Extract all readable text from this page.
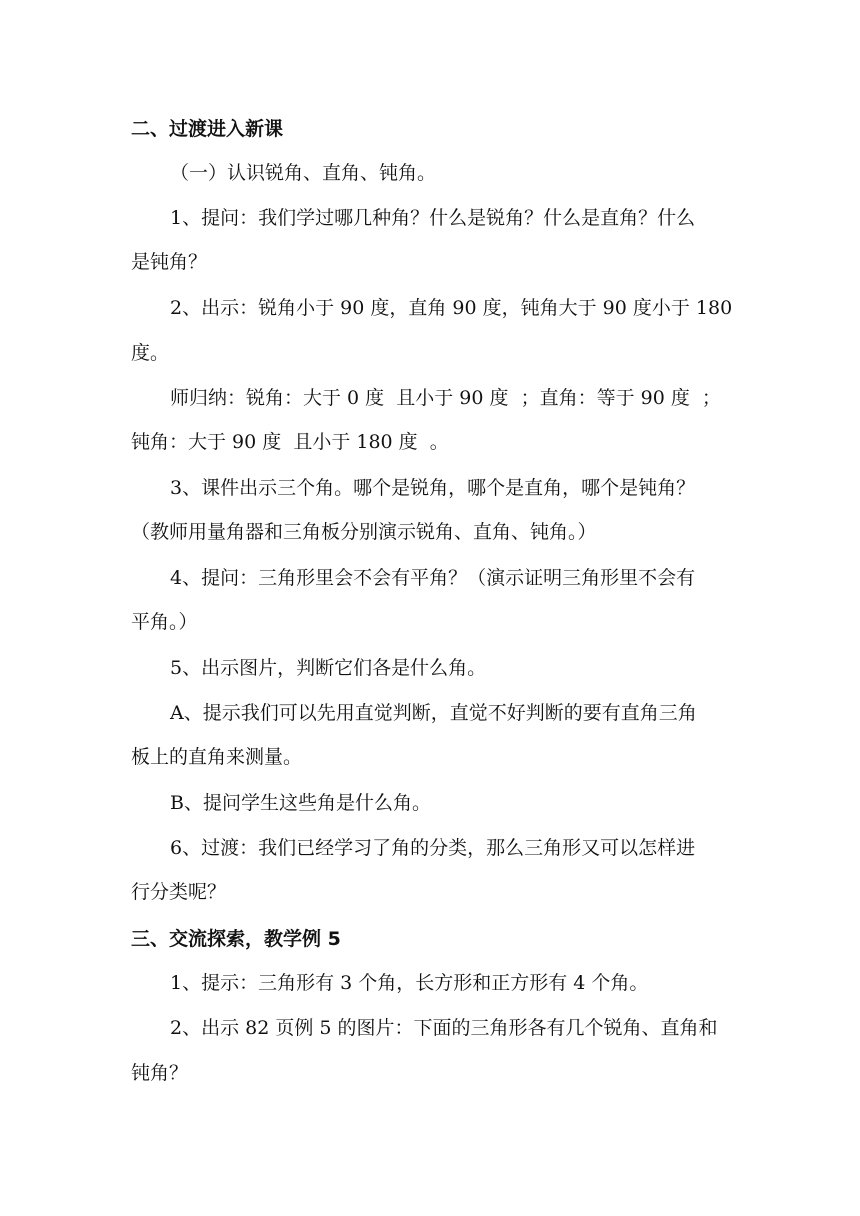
二、过渡进入新课
（一）认识锐角、直角、钝角。
1、提问：我们学过哪几种角？什么是锐角？什么是直角？什么
是钝角？
2、出示：锐角小于 90 度，直角 90 度，钝角大于 90 度小于 180
度。
师归纳：锐角：大于 0 度  且小于 90 度  ；直角：等于 90 度  ；
钝角：大于 90 度  且小于 180 度  。
3、课件出示三个角。哪个是锐角，哪个是直角，哪个是钝角？
（教师用量角器和三角板分别演示锐角、直角、钝角。）
4、提问：三角形里会不会有平角？（演示证明三角形里不会有
平角。）
5、出示图片，判断它们各是什么角。
A、提示我们可以先用直觉判断，直觉不好判断的要有直角三角
板上的直角来测量。
B、提问学生这些角是什么角。
6、过渡：我们已经学习了角的分类，那么三角形又可以怎样进
行分类呢？
三、交流探索，教学例 5
1、提示：三角形有 3 个角，长方形和正方形有 4 个角。
2、出示 82 页例 5 的图片：下面的三角形各有几个锐角、直角和
钝角？
